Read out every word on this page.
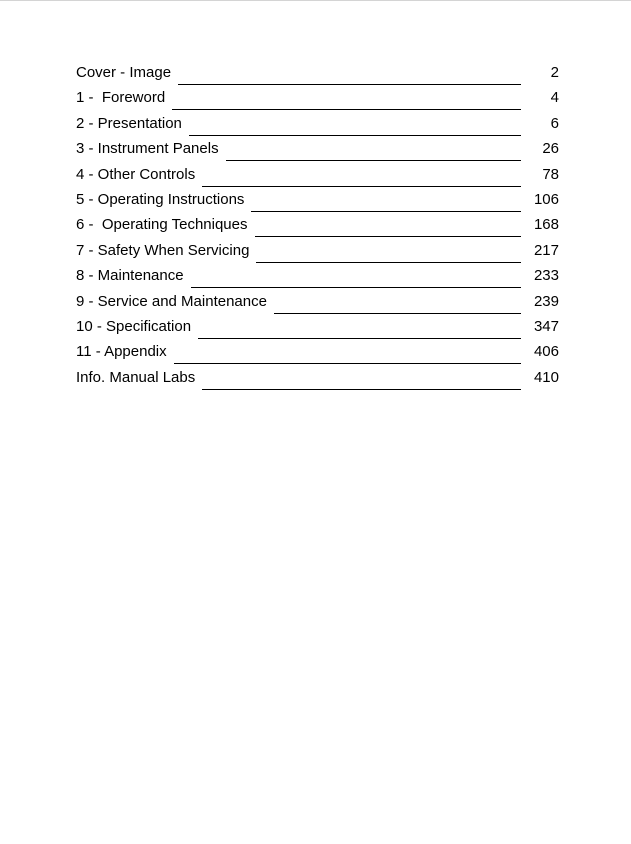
Cover - Image	2
1 -  Foreword	4
2 - Presentation	6
3 - Instrument Panels	26
4 - Other Controls	78
5 - Operating Instructions	106
6 -  Operating Techniques	168
7 - Safety When Servicing	217
8 - Maintenance	233
9 - Service and Maintenance	239
10 - Specification	347
11 - Appendix	406
Info. Manual Labs	410
